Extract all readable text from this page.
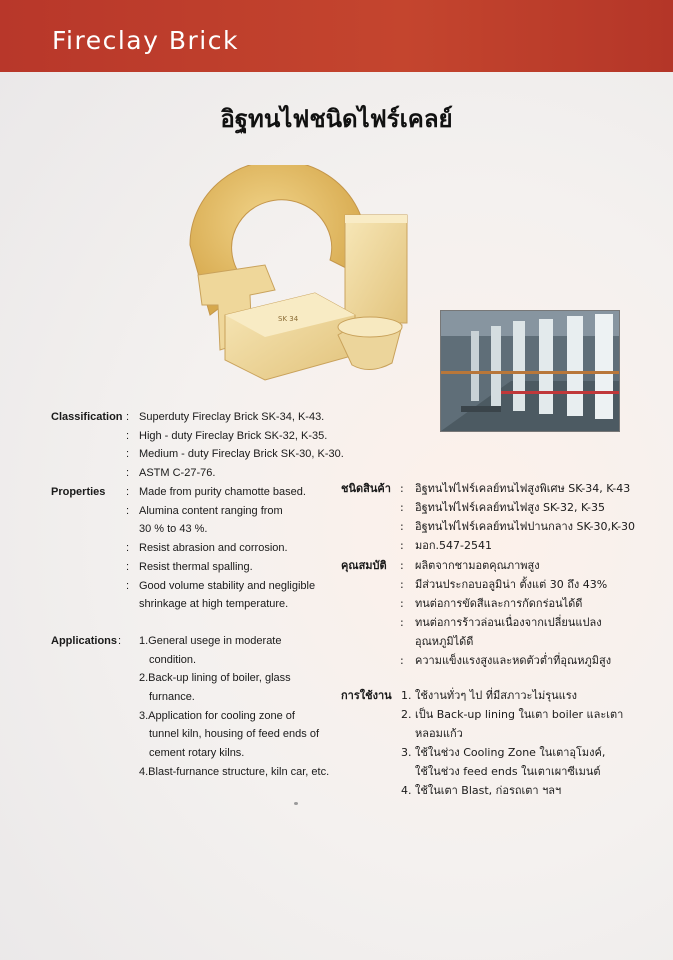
Fireclay Brick
อิฐทนไฟชนิดไฟร์เคลย์
SK 34
Classification : Superduty Fireclay Brick SK-34, K-43.
: High - duty Fireclay Brick SK-32, K-35.
: Medium - duty Fireclay Brick SK-30, K-30.
: ASTM C-27-76.
Properties : Made from purity chamotte based.
: Alumina content ranging from
30 % to 43 %.
: Resist abrasion and corrosion.
: Resist thermal spalling.
: Good volume stability and negligible
shrinkage at high temperature.
Applications : 1.General usege in moderate
condition.
2.Back-up lining of boiler, glass
furnance.
3.Application for cooling zone of
tunnel kiln, housing of feed ends of
cement rotary kilns.
4.Blast-furnance structure, kiln car, etc.
ชนิดสินค้า : อิฐทนไฟไฟร์เคลย์ทนไฟสูงพิเศษ SK-34, K-43
: อิฐทนไฟไฟร์เคลย์ทนไฟสูง SK-32, K-35
: อิฐทนไฟไฟร์เคลย์ทนไฟปานกลาง SK-30,K-30
: มอก.547-2541
คุณสมบัติ : ผลิตจากชามอตคุณภาพสูง
: มีส่วนประกอบอลูมิน่า ตั้งแต่ 30 ถึง 43%
: ทนต่อการขัดสีและการกัดกร่อนได้ดี
: ทนต่อการร้าวล่อนเนื่องจากเปลี่ยนแปลง
อุณหภูมิได้ดี
: ความแข็งแรงสูงและหดตัวต่ำที่อุณหภูมิสูง
การใช้งาน 1. ใช้งานทั่วๆ ไป ที่มีสภาวะไม่รุนแรง
2. เป็น Back-up lining ในเตา boiler และเตา
หลอมแก้ว
3. ใช้ในช่วง Cooling Zone ในเตาอุโมงค์,
ใช้ในช่วง feed ends ในเตาเผาซีเมนต์
4. ใช้ในเตา Blast, ก่อรถเตา ฯลฯ
